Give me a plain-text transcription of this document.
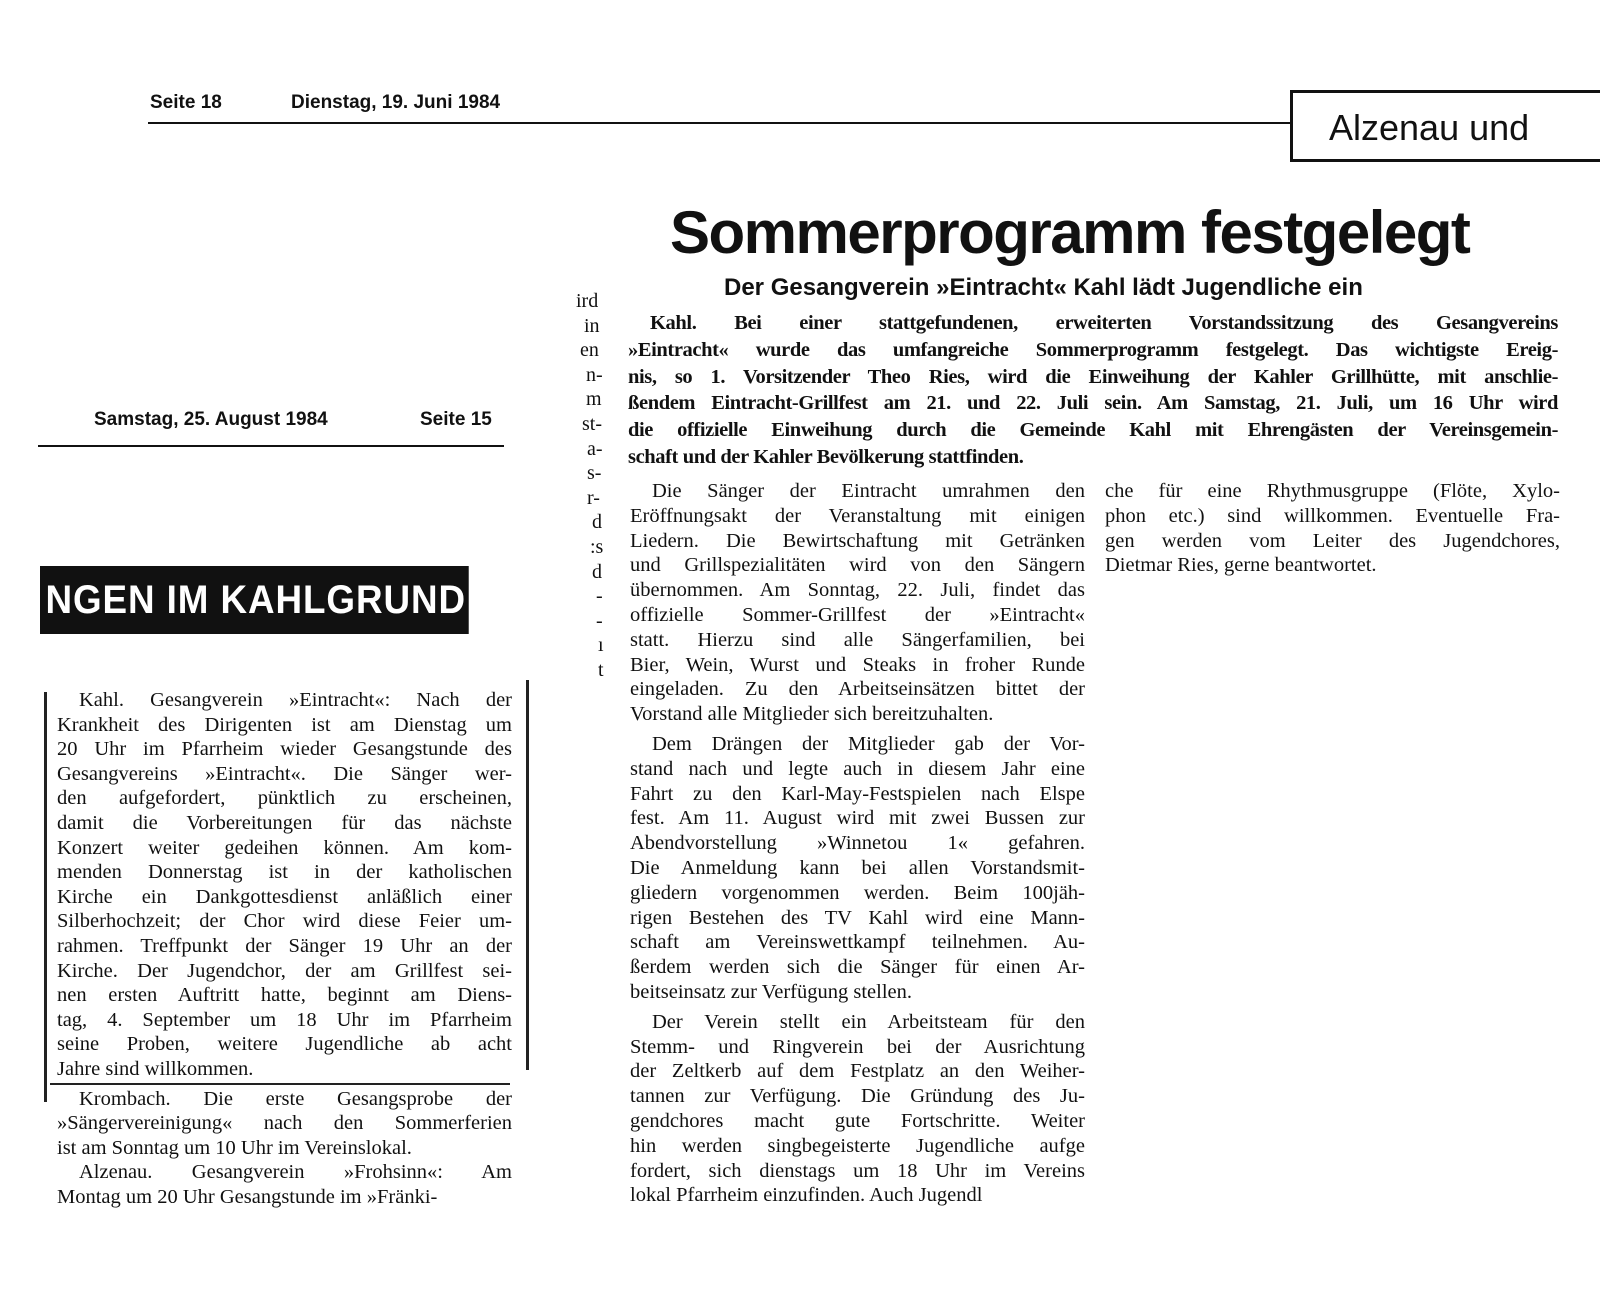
Seite 18	Dienstag, 19. Juni 1984
Alzenau und
Samstag, 25. August 1984	Seite 15
NGEN IM KAHLGRUND
ird
in
en
n-
m
st-
a-
s-
r-
d
:s
d
-
-
ı
t
Kahl. Gesangverein »Eintracht«: Nach der
Krankheit des Dirigenten ist am Dienstag um
20 Uhr im Pfarrheim wieder Gesangstunde des
Gesangvereins »Eintracht«. Die Sänger wer-
den aufgefordert, pünktlich zu erscheinen,
damit die Vorbereitungen für das nächste
Konzert weiter gedeihen können. Am kom-
menden Donnerstag ist in der katholischen
Kirche ein Dankgottesdienst anläßlich einer
Silberhochzeit; der Chor wird diese Feier um-
rahmen. Treffpunkt der Sänger 19 Uhr an der
Kirche. Der Jugendchor, der am Grillfest sei-
nen ersten Auftritt hatte, beginnt am Diens-
tag, 4. September um 18 Uhr im Pfarrheim
seine Proben, weitere Jugendliche ab acht
Jahre sind willkommen.
Krombach. Die erste Gesangsprobe der
»Sängervereinigung« nach den Sommerferien
ist am Sonntag um 10 Uhr im Vereinslokal.
Alzenau. Gesangverein »Frohsinn«: Am
Montag um 20 Uhr Gesangstunde im »Fränki-
Sommerprogramm festgelegt
Der Gesangverein »Eintracht« Kahl lädt Jugendliche ein
Kahl. Bei einer stattgefundenen, erweiterten Vorstandssitzung des Gesangvereins
»Eintracht« wurde das umfangreiche Sommerprogramm festgelegt. Das wichtigste Ereig-
nis, so 1. Vorsitzender Theo Ries, wird die Einweihung der Kahler Grillhütte, mit anschlie-
ßendem Eintracht-Grillfest am 21. und 22. Juli sein. Am Samstag, 21. Juli, um 16 Uhr wird
die offizielle Einweihung durch die Gemeinde Kahl mit Ehrengästen der Vereinsgemein-
schaft und der Kahler Bevölkerung stattfinden.
Die Sänger der Eintracht umrahmen den
Eröffnungsakt der Veranstaltung mit einigen
Liedern. Die Bewirtschaftung mit Getränken
und Grillspezialitäten wird von den Sängern
übernommen. Am Sonntag, 22. Juli, findet das
offizielle Sommer-Grillfest der »Eintracht«
statt. Hierzu sind alle Sängerfamilien, bei
Bier, Wein, Wurst und Steaks in froher Runde
eingeladen. Zu den Arbeitseinsätzen bittet der
Vorstand alle Mitglieder sich bereitzuhalten.
Dem Drängen der Mitglieder gab der Vor-
stand nach und legte auch in diesem Jahr eine
Fahrt zu den Karl-May-Festspielen nach Elspe
fest. Am 11. August wird mit zwei Bussen zur
Abendvorstellung »Winnetou 1« gefahren.
Die Anmeldung kann bei allen Vorstandsmit-
gliedern vorgenommen werden. Beim 100jäh-
rigen Bestehen des TV Kahl wird eine Mann-
schaft am Vereinswettkampf teilnehmen. Au-
ßerdem werden sich die Sänger für einen Ar-
beitseinsatz zur Verfügung stellen.
Der Verein stellt ein Arbeitsteam für den
Stemm- und Ringverein bei der Ausrichtung
der Zeltkerb auf dem Festplatz an den Weiher-
tannen zur Verfügung. Die Gründung des Ju-
gendchores macht gute Fortschritte. Weiter
hin werden singbegeisterte Jugendliche aufge
fordert, sich dienstags um 18 Uhr im Vereins
lokal Pfarrheim einzufinden. Auch Jugendl
che für eine Rhythmusgruppe (Flöte, Xylo-
phon etc.) sind willkommen. Eventuelle Fra-
gen werden vom Leiter des Jugendchores,
Dietmar Ries, gerne beantwortet.
